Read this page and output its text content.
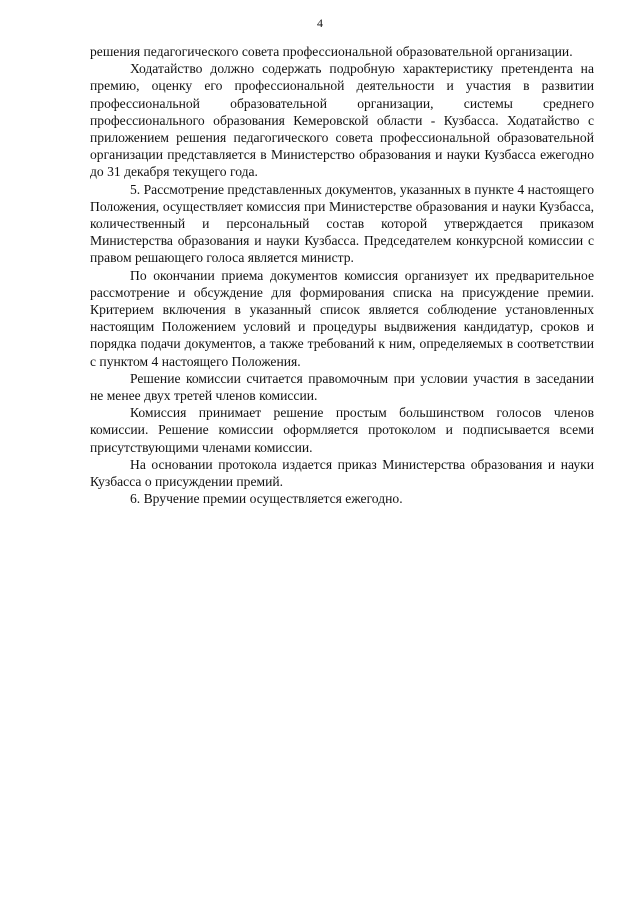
4

решения педагогического совета профессиональной образовательной организации.

Ходатайство должно содержать подробную характеристику претендента на премию, оценку его профессиональной деятельности и участия в развитии профессиональной образовательной организации, системы среднего профессионального образования Кемеровской области - Кузбасса. Ходатайство с приложением решения педагогического совета профессиональной образовательной организации представляется в Министерство образования и науки Кузбасса ежегодно до 31 декабря текущего года.

5. Рассмотрение представленных документов, указанных в пункте 4 настоящего Положения, осуществляет комиссия при Министерстве образования и науки Кузбасса, количественный и персональный состав которой утверждается приказом Министерства образования и науки Кузбасса. Председателем конкурсной комиссии с правом решающего голоса является министр.

По окончании приема документов комиссия организует их предварительное рассмотрение и обсуждение для формирования списка на присуждение премии. Критерием включения в указанный список является соблюдение установленных настоящим Положением условий и процедуры выдвижения кандидатур, сроков и порядка подачи документов, а также требований к ним, определяемых в соответствии с пунктом 4 настоящего Положения.

Решение комиссии считается правомочным при условии участия в заседании не менее двух третей членов комиссии.

Комиссия принимает решение простым большинством голосов членов комиссии. Решение комиссии оформляется протоколом и подписывается всеми присутствующими членами комиссии.

На основании протокола издается приказ Министерства образования и науки Кузбасса о присуждении премий.

6. Вручение премии осуществляется ежегодно.
